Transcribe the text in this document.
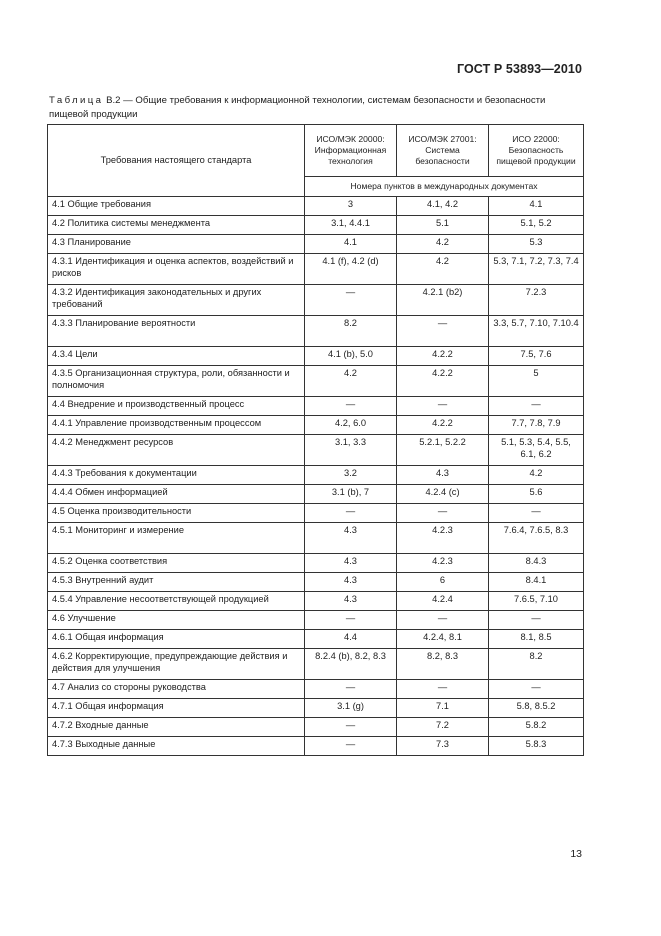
ГОСТ Р 53893—2010
Таблица В.2 — Общие требования к информационной технологии, системам безопасности и безопасности пищевой продукции
Требования настоящего стандарта	ИСО/МЭК 20000: Информационная технология	ИСО/МЭК 27001: Система безопасности	ИСО 22000: Безопасность пищевой продукции
	Номера пунктов в международных документах		
4.1 Общие требования	3	4.1, 4.2	4.1
4.2 Политика системы менеджмента	3.1, 4.4.1	5.1	5.1, 5.2
4.3 Планирование	4.1	4.2	5.3
4.3.1 Идентификация и оценка аспектов, воздействий и рисков	4.1 (f), 4.2 (d)	4.2	5.3, 7.1, 7.2, 7.3, 7.4
4.3.2 Идентификация законодательных и других требований	—	4.2.1 (b2)	7.2.3
4.3.3 Планирование вероятности	8.2	—	3.3, 5.7, 7.10, 7.10.4
4.3.4 Цели	4.1 (b), 5.0	4.2.2	7.5, 7.6
4.3.5 Организационная структура, роли, обязанности и полномочия	4.2	4.2.2	5
4.4 Внедрение и производственный процесс	—	—	—
4.4.1 Управление производственным процессом	4.2, 6.0	4.2.2	7.7, 7.8, 7.9
4.4.2 Менеджмент ресурсов	3.1, 3.3	5.2.1, 5.2.2	5.1, 5.3, 5.4, 5.5, 6.1, 6.2
4.4.3 Требования к документации	3.2	4.3	4.2
4.4.4 Обмен информацией	3.1 (b), 7	4.2.4 (c)	5.6
4.5 Оценка производительности	—	—	—
4.5.1 Мониторинг и измерение	4.3	4.2.3	7.6.4, 7.6.5, 8.3
4.5.2 Оценка соответствия	4.3	4.2.3	8.4.3
4.5.3 Внутренний аудит	4.3	6	8.4.1
4.5.4 Управление несоответствующей продукцией	4.3	4.2.4	7.6.5, 7.10
4.6 Улучшение	—	—	—
4.6.1 Общая информация	4.4	4.2.4, 8.1	8.1, 8.5
4.6.2 Корректирующие, предупреждающие действия и действия для улучшения	8.2.4 (b), 8.2, 8.3	8.2, 8.3	8.2
4.7 Анализ со стороны руководства	—	—	—
4.7.1 Общая информация	3.1 (g)	7.1	5.8, 8.5.2
4.7.2 Входные данные	—	7.2	5.8.2
4.7.3 Выходные данные	—	7.3	5.8.3
13
